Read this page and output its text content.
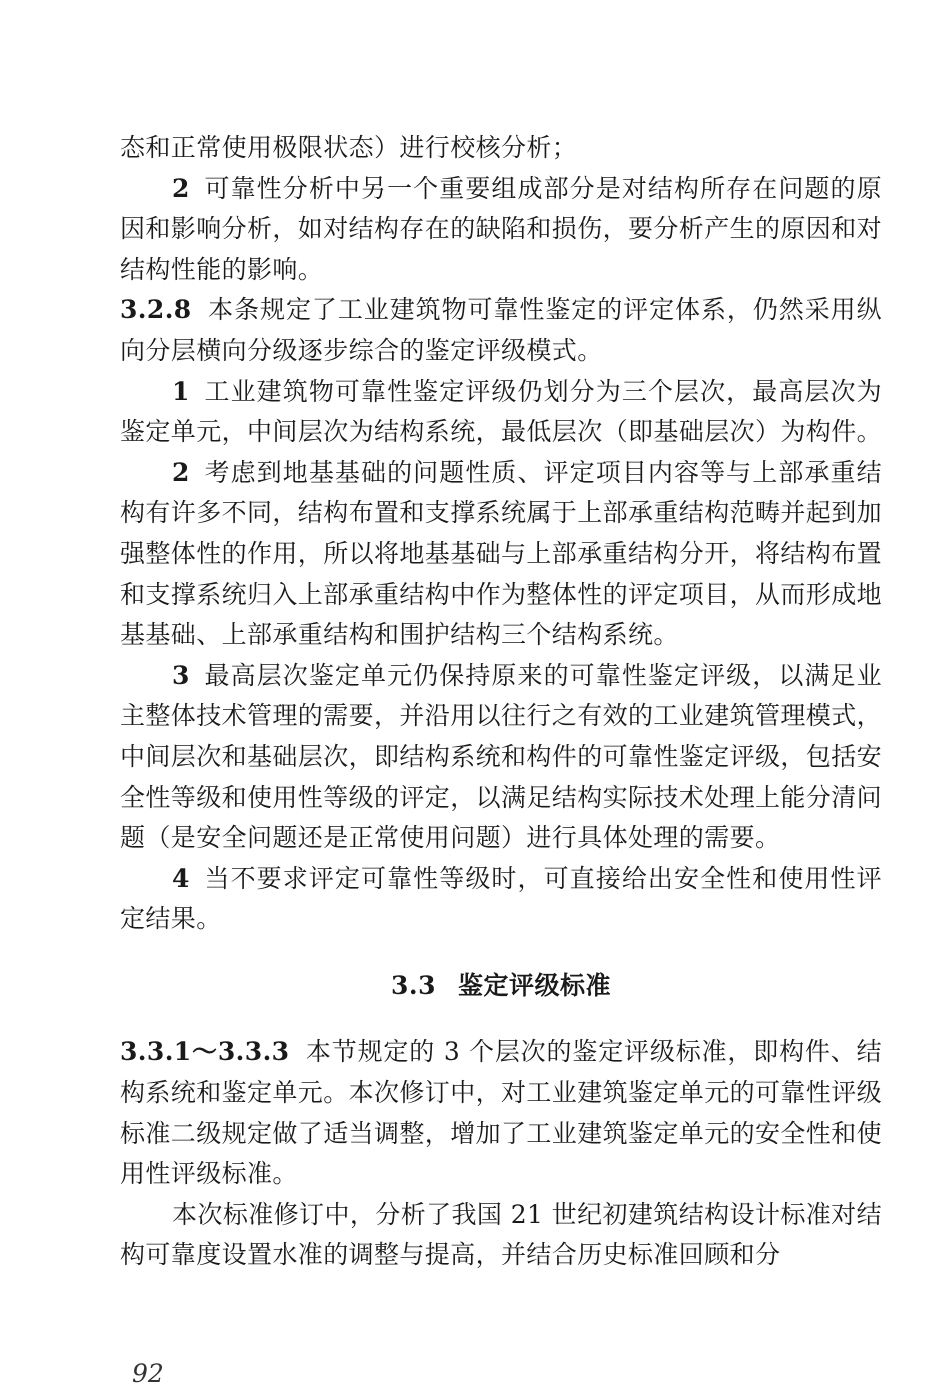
态和正常使用极限状态）进行校核分析；

2 可靠性分析中另一个重要组成部分是对结构所存在问题的原因和影响分析，如对结构存在的缺陷和损伤，要分析产生的原因和对结构性能的影响。

3.2.8 本条规定了工业建筑物可靠性鉴定的评定体系，仍然采用纵向分层横向分级逐步综合的鉴定评级模式。

1 工业建筑物可靠性鉴定评级仍划分为三个层次，最高层次为鉴定单元，中间层次为结构系统，最低层次（即基础层次）为构件。

2 考虑到地基基础的问题性质、评定项目内容等与上部承重结构有许多不同，结构布置和支撑系统属于上部承重结构范畴并起到加强整体性的作用，所以将地基基础与上部承重结构分开，将结构布置和支撑系统归入上部承重结构中作为整体性的评定项目，从而形成地基基础、上部承重结构和围护结构三个结构系统。

3 最高层次鉴定单元仍保持原来的可靠性鉴定评级，以满足业主整体技术管理的需要，并沿用以往行之有效的工业建筑管理模式，中间层次和基础层次，即结构系统和构件的可靠性鉴定评级，包括安全性等级和使用性等级的评定，以满足结构实际技术处理上能分清问题（是安全问题还是正常使用问题）进行具体处理的需要。

4 当不要求评定可靠性等级时，可直接给出安全性和使用性评定结果。

3.3 鉴定评级标准

3.3.1～3.3.3 本节规定的 3 个层次的鉴定评级标准，即构件、结构系统和鉴定单元。本次修订中，对工业建筑鉴定单元的可靠性评级标准二级规定做了适当调整，增加了工业建筑鉴定单元的安全性和使用性评级标准。

本次标准修订中，分析了我国 21 世纪初建筑结构设计标准对结构可靠度设置水准的调整与提高，并结合历史标准回顾和分

92
